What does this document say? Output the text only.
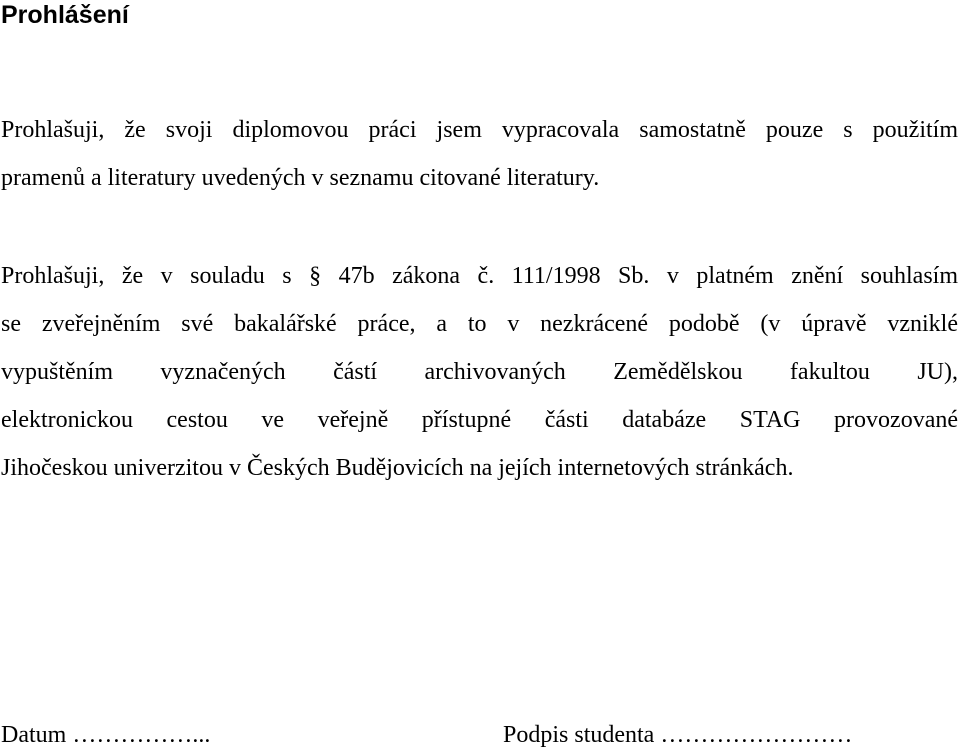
Prohlášení
Prohlašuji, že svoji diplomovou práci jsem vypracovala samostatně pouze s použitím
pramenů a literatury uvedených v seznamu citované literatury.
Prohlašuji, že v souladu s § 47b zákona č. 111/1998 Sb. v platném znění souhlasím
se zveřejněním své bakalářské práce, a to v nezkrácené podobě (v úpravě vzniklé
vypuštěním vyznačených částí archivovaných Zemědělskou fakultou JU),
elektronickou cestou ve veřejně přístupné části databáze STAG provozované
Jihočeskou univerzitou v Českých Budějovicích na jejích internetových stránkách.
Datum ……………...	Podpis studenta ……………………
